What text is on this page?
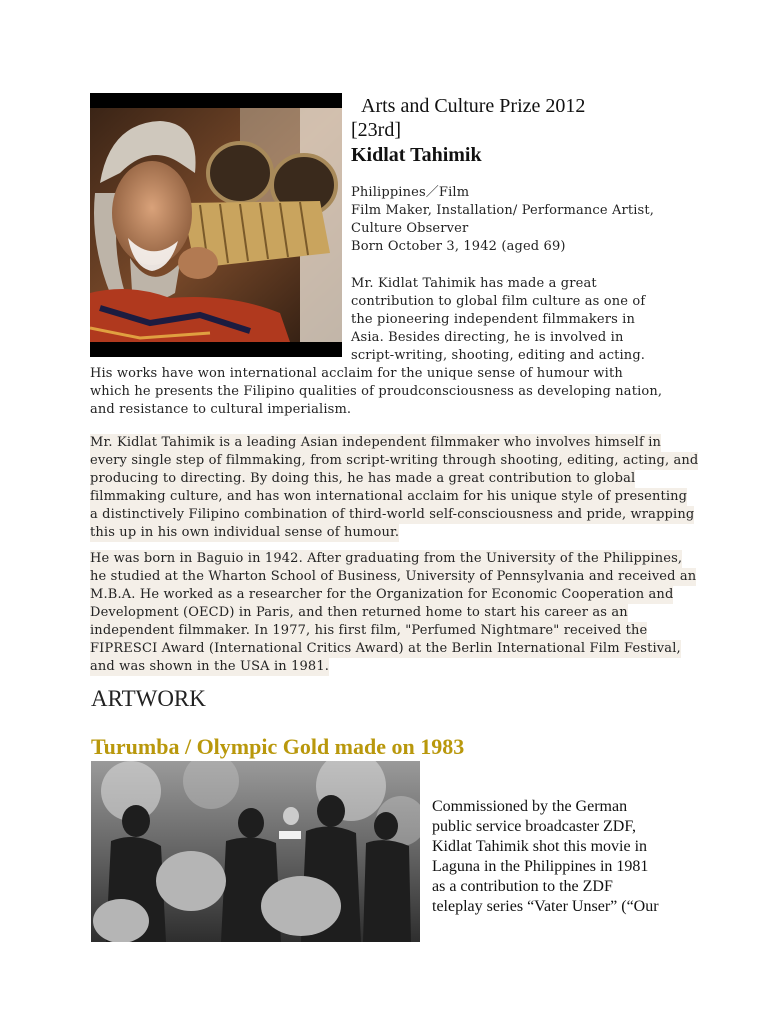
Arts and Culture Prize 2012
[23rd]
Kidlat Tahimik
Philippines／Film
Film Maker, Installation/ Performance Artist,
Culture Observer
Born October 3, 1942 (aged 69)
Mr. Kidlat Tahimik has made a great
contribution to global film culture as one of
the pioneering independent filmmakers in
Asia. Besides directing, he is involved in
script-writing, shooting, editing and acting.
His works have won international acclaim for the unique sense of humour with
which he presents the Filipino qualities of proudconsciousness as developing nation,
and resistance to cultural imperialism.
Mr. Kidlat Tahimik is a leading Asian independent filmmaker who involves himself in
every single step of filmmaking, from script-writing through shooting, editing, acting, and
producing to directing. By doing this, he has made a great contribution to global
filmmaking culture, and has won international acclaim for his unique style of presenting
a distinctively Filipino combination of third-world self-consciousness and pride, wrapping
this up in his own individual sense of humour.
He was born in Baguio in 1942. After graduating from the University of the Philippines,
he studied at the Wharton School of Business, University of Pennsylvania and received an
M.B.A. He worked as a researcher for the Organization for Economic Cooperation and
Development (OECD) in Paris, and then returned home to start his career as an
independent filmmaker. In 1977, his first film, "Perfumed Nightmare" received the
FIPRESCI Award (International Critics Award) at the Berlin International Film Festival,
and was shown in the USA in 1981.
ARTWORK
Turumba / Olympic Gold made on 1983
Commissioned by the German
public service broadcaster ZDF,
Kidlat Tahimik shot this movie in
Laguna in the Philippines in 1981
as a contribution to the ZDF
teleplay series “Vater Unser” (“Our
